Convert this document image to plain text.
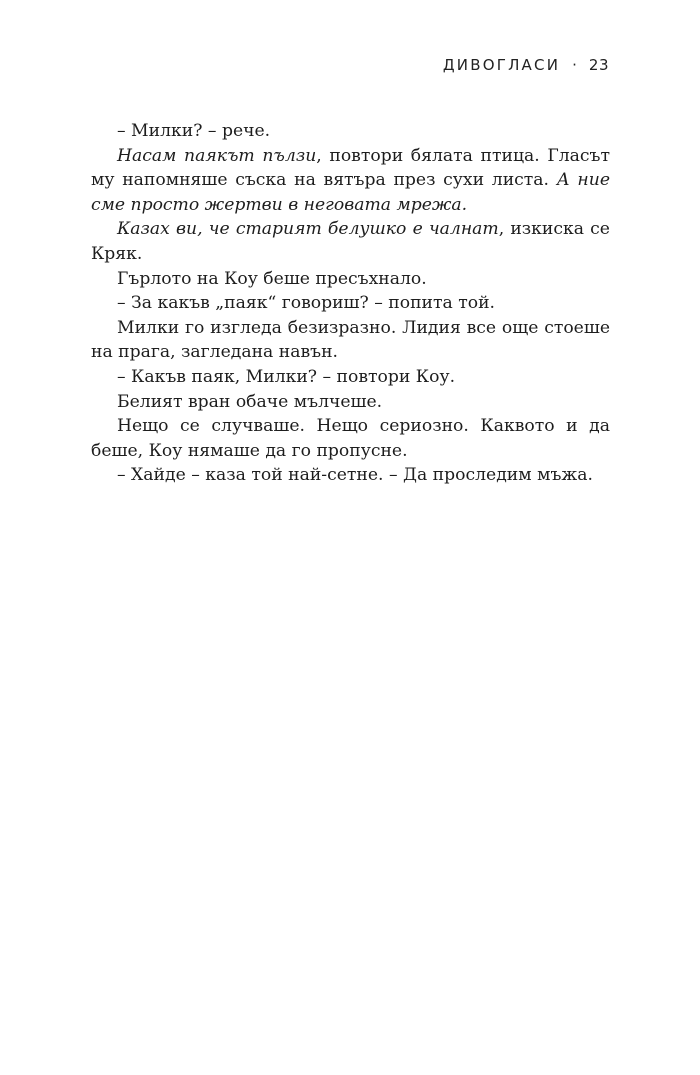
ДИВОГЛАСИ · 23

– Милки? – рече.

Насам паякът пълзи, повтори бялата птица. Гласът му напомняше съска на вятъра през сухи листа. А ние сме просто жертви в неговата мрежа.

Казах ви, че старият белушко е чалнат, изкиска се Кряк.

Гърлото на Коу беше пресъхнало.

– За какъв „паяк“ говориш? – попита той.

Милки го изгледа безизразно. Лидия все още стоеше на прага, загледана навън.

– Какъв паяк, Милки? – повтори Коу.

Белият вран обаче мълчеше.

Нещо се случваше. Нещо сериозно. Каквото и да беше, Коу нямаше да го пропусне.

– Хайде – каза той най-сетне. – Да проследим мъжа.
